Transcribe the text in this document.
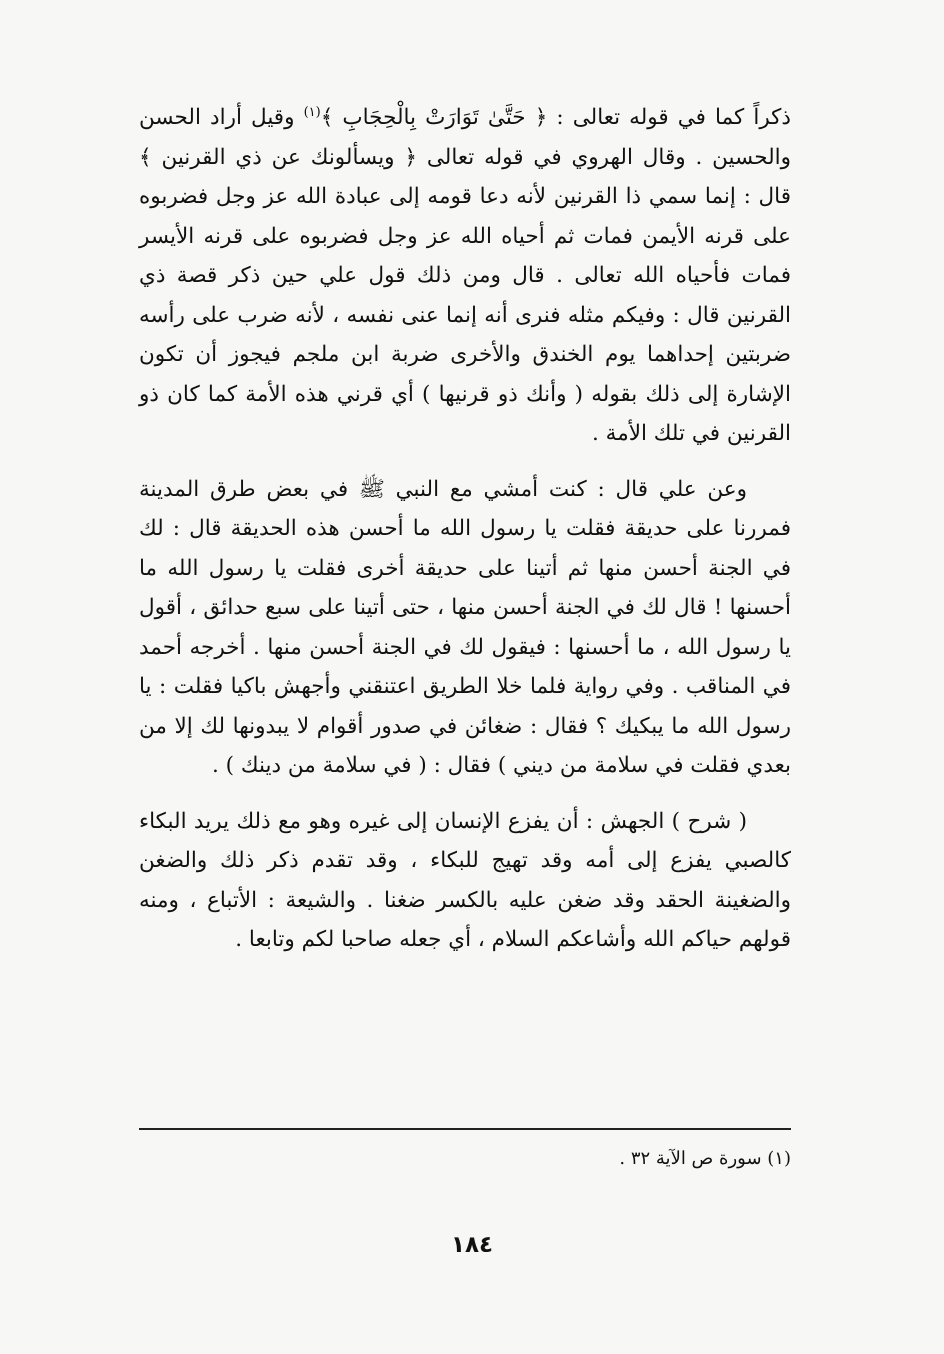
ذكراً كما في قوله تعالى : ﴿ حَتَّىٰ تَوَارَتْ بِالْحِجَابِ ﴾$^{(١)}$ وقيل أراد الحسن والحسين . وقال الهروي في قوله تعالى ﴿ ويسألونك عن ذي القرنين ﴾ قال : إنما سمي ذا القرنين لأنه دعا قومه إلى عبادة الله عز وجل فضربوه على قرنه الأيمن فمات ثم أحياه الله عز وجل فضربوه على قرنه الأيسر فمات فأحياه الله تعالى . قال ومن ذلك قول علي حين ذكر قصة ذي القرنين قال : وفيكم مثله فنرى أنه إنما عنى نفسه ، لأنه ضرب على رأسه ضربتين إحداهما يوم الخندق والأخرى ضربة ابن ملجم فيجوز أن تكون الإشارة إلى ذلك بقوله ( وأنك ذو قرنيها ) أي قرني هذه الأمة كما كان ذو القرنين في تلك الأمة .

وعن علي قال : كنت أمشي مع النبي ﷺ في بعض طرق المدينة فمررنا على حديقة فقلت يا رسول الله ما أحسن هذه الحديقة قال : لك في الجنة أحسن منها ثم أتينا على حديقة أخرى فقلت يا رسول الله ما أحسنها ! قال لك في الجنة أحسن منها ، حتى أتينا على سبع حدائق ، أقول يا رسول الله ، ما أحسنها : فيقول لك في الجنة أحسن منها . أخرجه أحمد في المناقب . وفي رواية فلما خلا الطريق اعتنقني وأجهش باكيا فقلت : يا رسول الله ما يبكيك ؟ فقال : ضغائن في صدور أقوام لا يبدونها لك إلا من بعدي فقلت في سلامة من ديني ) فقال : ( في سلامة من دينك ) .

( شرح ) الجهش : أن يفزع الإنسان إلى غيره وهو مع ذلك يريد البكاء كالصبي يفزع إلى أمه وقد تهيج للبكاء ، وقد تقدم ذكر ذلك والضغن والضغينة الحقد وقد ضغن عليه بالكسر ضغنا . والشيعة : الأتباع ، ومنه قولهم حياكم الله وأشاعكم السلام ، أي جعله صاحبا لكم وتابعا .

(١) سورة ص الآية ٣٢ .

١٨٤
